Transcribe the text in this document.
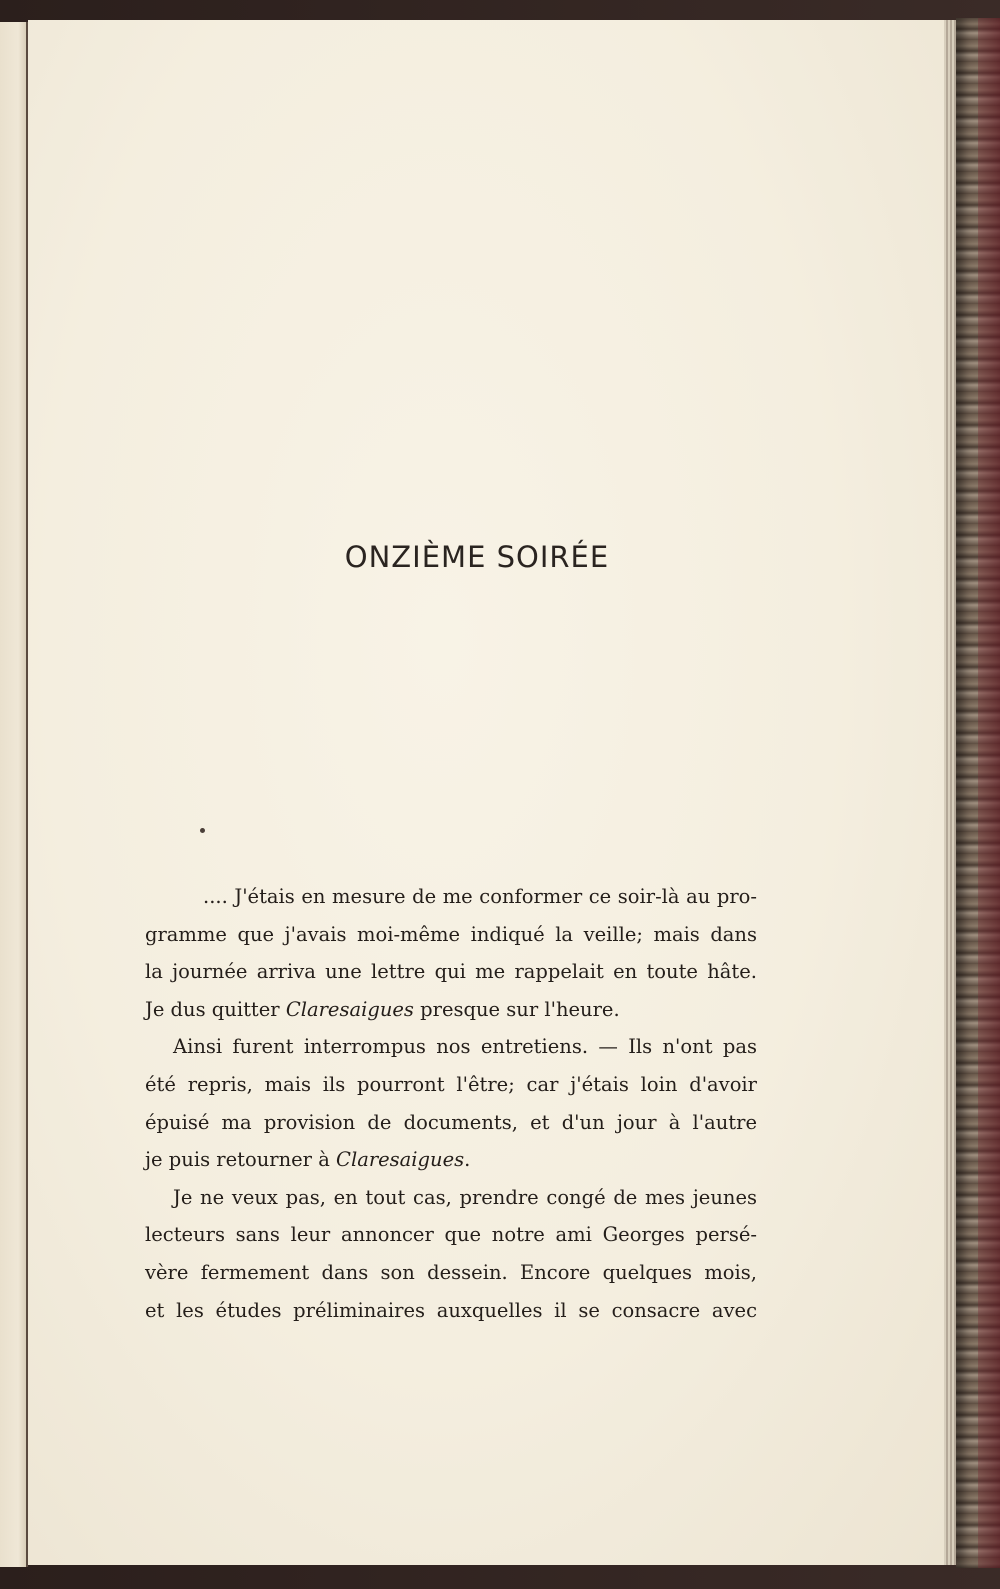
ONZIÈME SOIRÉE

.... J'étais en mesure de me conformer ce soir-là au pro-
gramme que j'avais moi-même indiqué la veille; mais dans
la journée arriva une lettre qui me rappelait en toute hâte.
Je dus quitter Claresaigues presque sur l'heure.

Ainsi furent interrompus nos entretiens. — Ils n'ont pas
été repris, mais ils pourront l'être; car j'étais loin d'avoir
épuisé ma provision de documents, et d'un jour à l'autre
je puis retourner à Claresaigues.

Je ne veux pas, en tout cas, prendre congé de mes jeunes
lecteurs sans leur annoncer que notre ami Georges persé-
vère fermement dans son dessein. Encore quelques mois,
et les études préliminaires auxquelles il se consacre avec
